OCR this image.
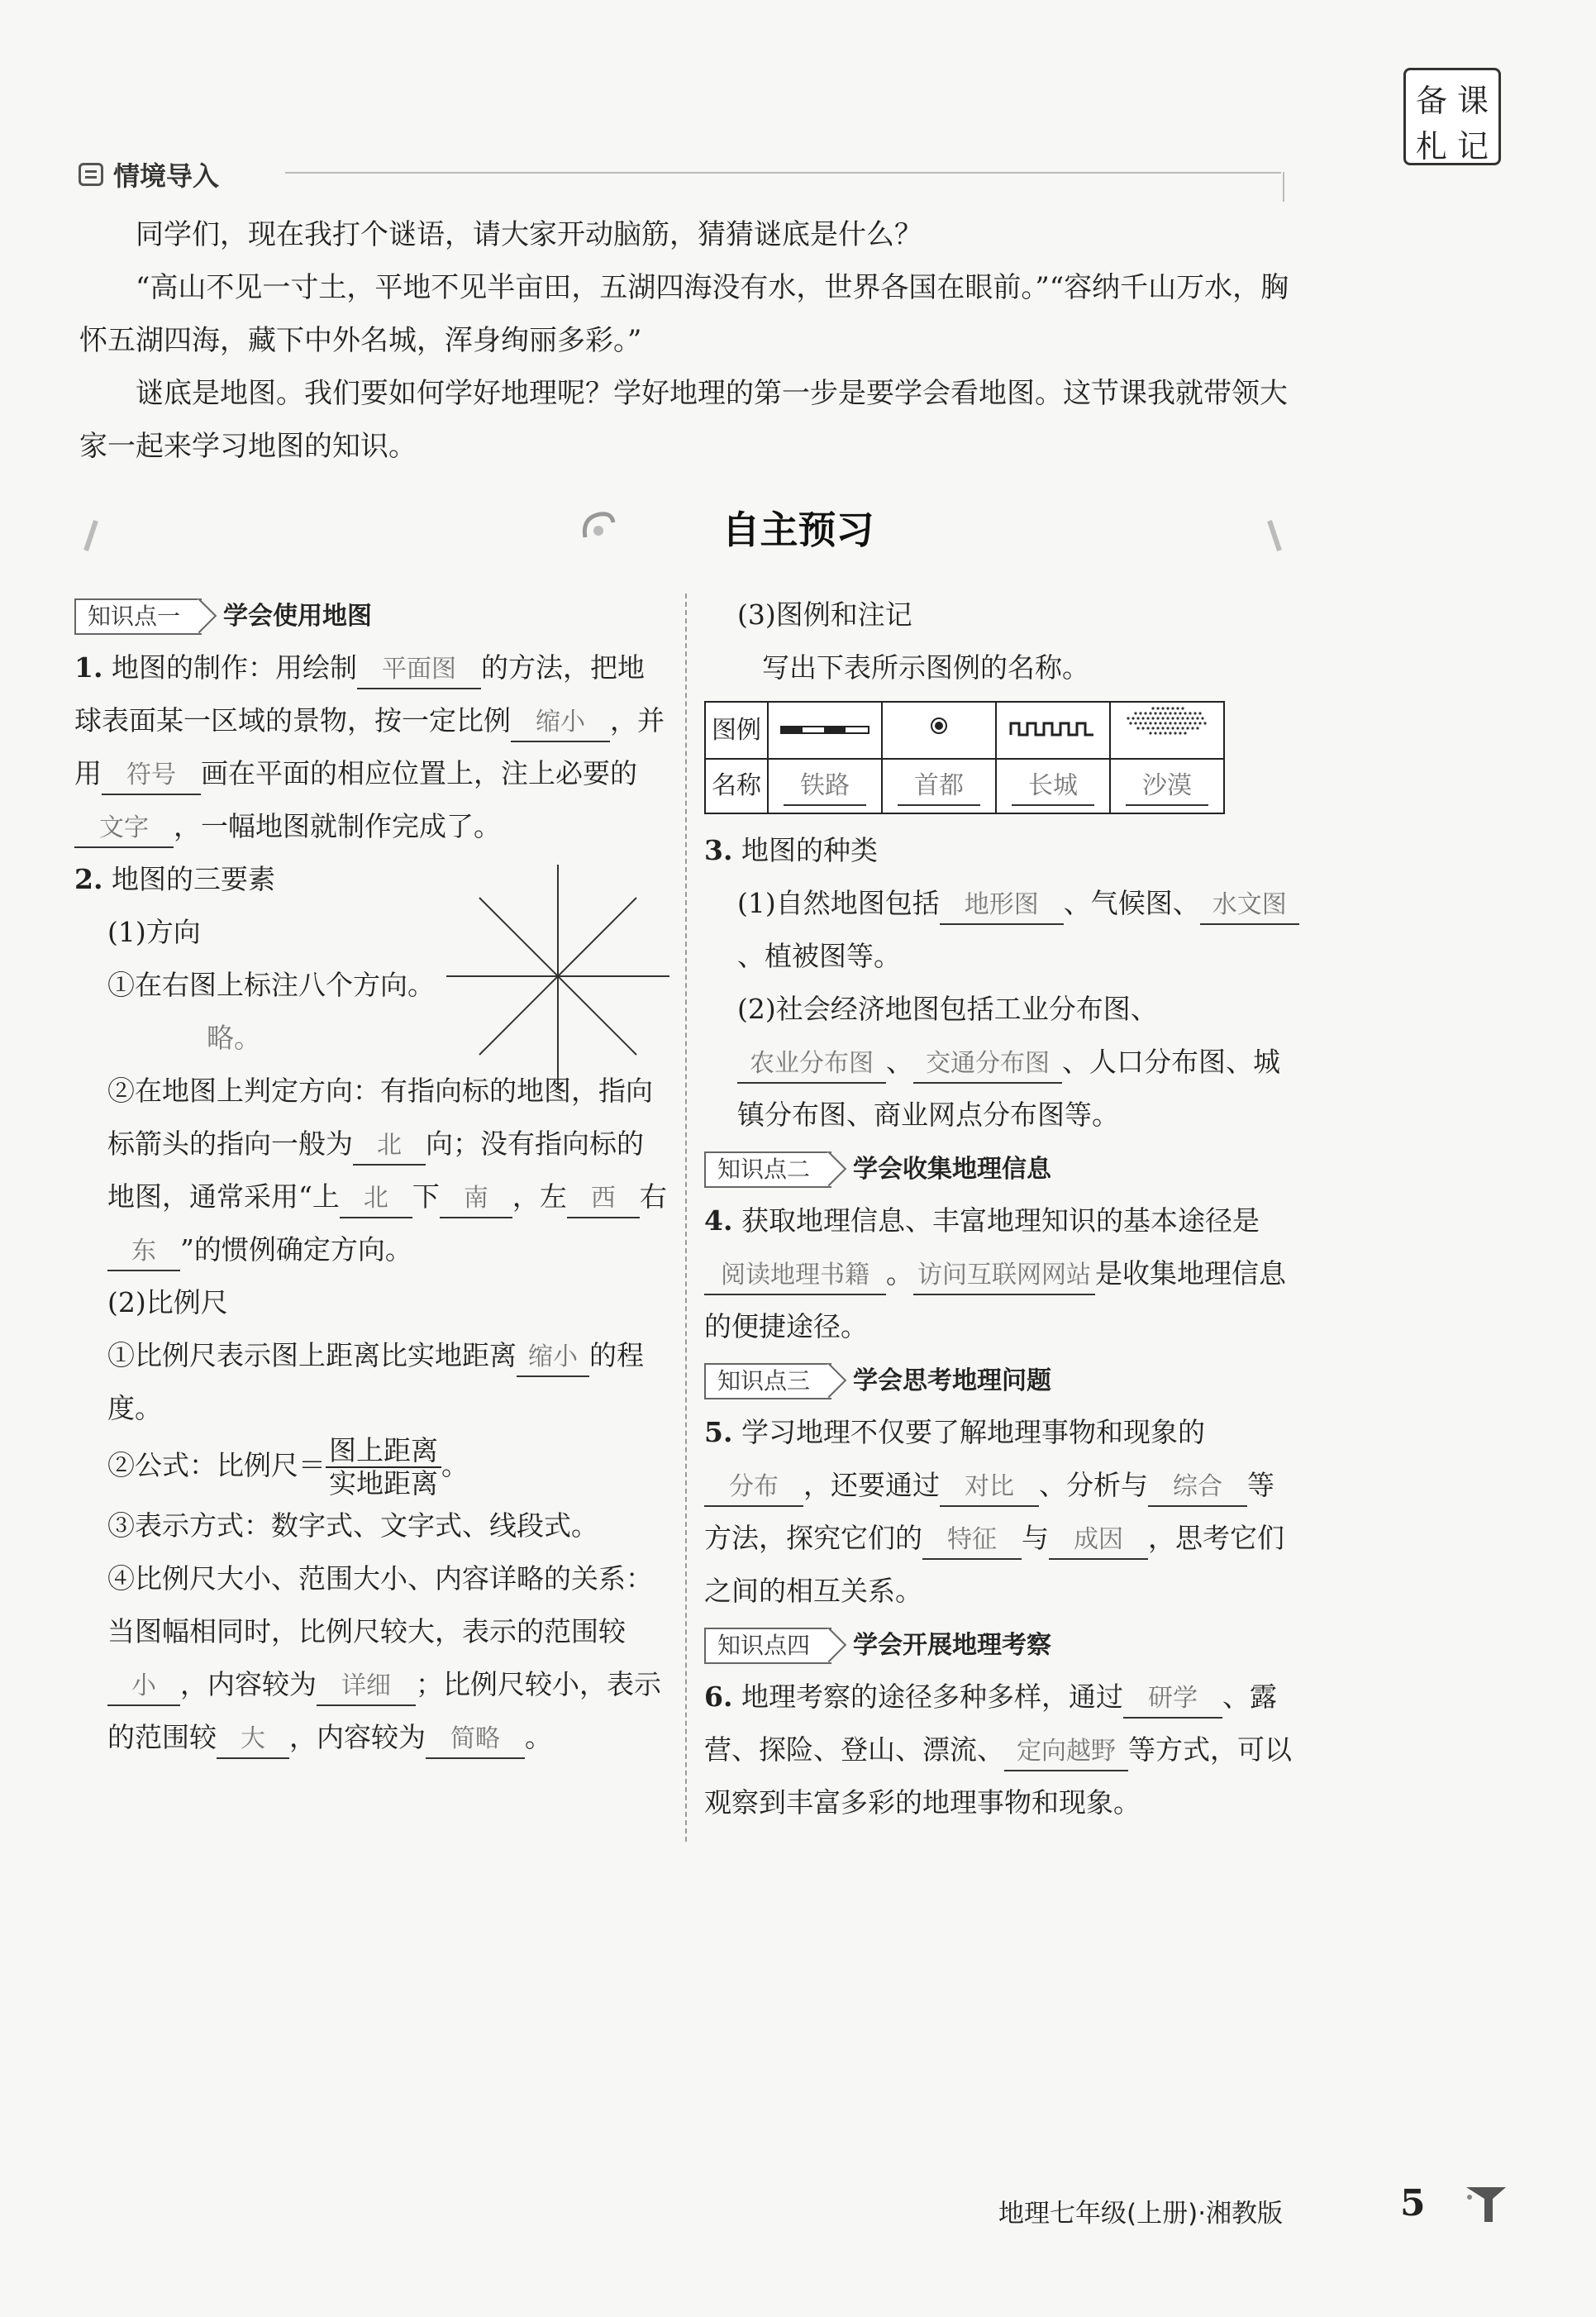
备 课
札 记
情境导入

同学们，现在我打个谜语，请大家开动脑筋，猜猜谜底是什么？

“高山不见一寸土，平地不见半亩田，五湖四海没有水，世界各国在眼前。”“容纳千山万水，胸怀五湖四海，藏下中外名城，浑身绚丽多彩。”

谜底是地图。我们要如何学好地理呢？学好地理的第一步是要学会看地图。这节课我就带领大家一起来学习地图的知识。

自主预习
知识点一	学会使用地图
1. 地图的制作：用绘制 平面图 的方法，把地球表面某一区域的景物，按一定比例 缩小 ，并用 符号 画在平面的相应位置上，注上必要的文字 ，一幅地图就制作完成了。
2. 地图的三要素
(1)方向
①在右图上标注八个方向。
略。
②在地图上判定方向：有指向标的地图，指向标箭头的指向一般为 北 向；没有指向标的地图，通常采用“上 北 下 南 ，左 西 右东 ”的惯例确定方向。
(2)比例尺
①比例尺表示图上距离比实地距离 缩小 的程度。
②公式：比例尺＝ $\frac{\text{图上距离}}{\text{实地距离}}$ 。
③表示方式：数字式、文字式、线段式。
④比例尺大小、范围大小、内容详略的关系：当图幅相同时，比例尺较大，表示的范围较小 ，内容较为 详细 ；比例尺较小，表示的范围较 大 ，内容较为 简略 。
(3)图例和注记
写出下表所示图例的名称。
图例				
名称	铁路	首都	长城	沙漠
3. 地图的种类
(1)自然地图包括 地形图 、气候图、 水文图、植被图等。
(2)社会经济地图包括工业分布图、农业分布图 、 交通分布图 、人口分布图、城镇分布图、商业网点分布图等。
知识点二	学会收集地理信息
4. 获取地理信息、丰富地理知识的基本途径是阅读地理书籍 。 访问互联网网站 是收集地理信息的便捷途径。
知识点三	学会思考地理问题
5. 学习地理不仅要了解地理事物和现象的分布 ，还要通过 对比 、分析与 综合 等方法，探究它们的 特征 与 成因 ，思考它们之间的相互关系。
知识点四	学会开展地理考察
6. 地理考察的途径多种多样，通过 研学 、露营、探险、登山、漂流、 定向越野 等方式，可以观察到丰富多彩的地理事物和现象。
地理七年级(上册)·湘教版	5
